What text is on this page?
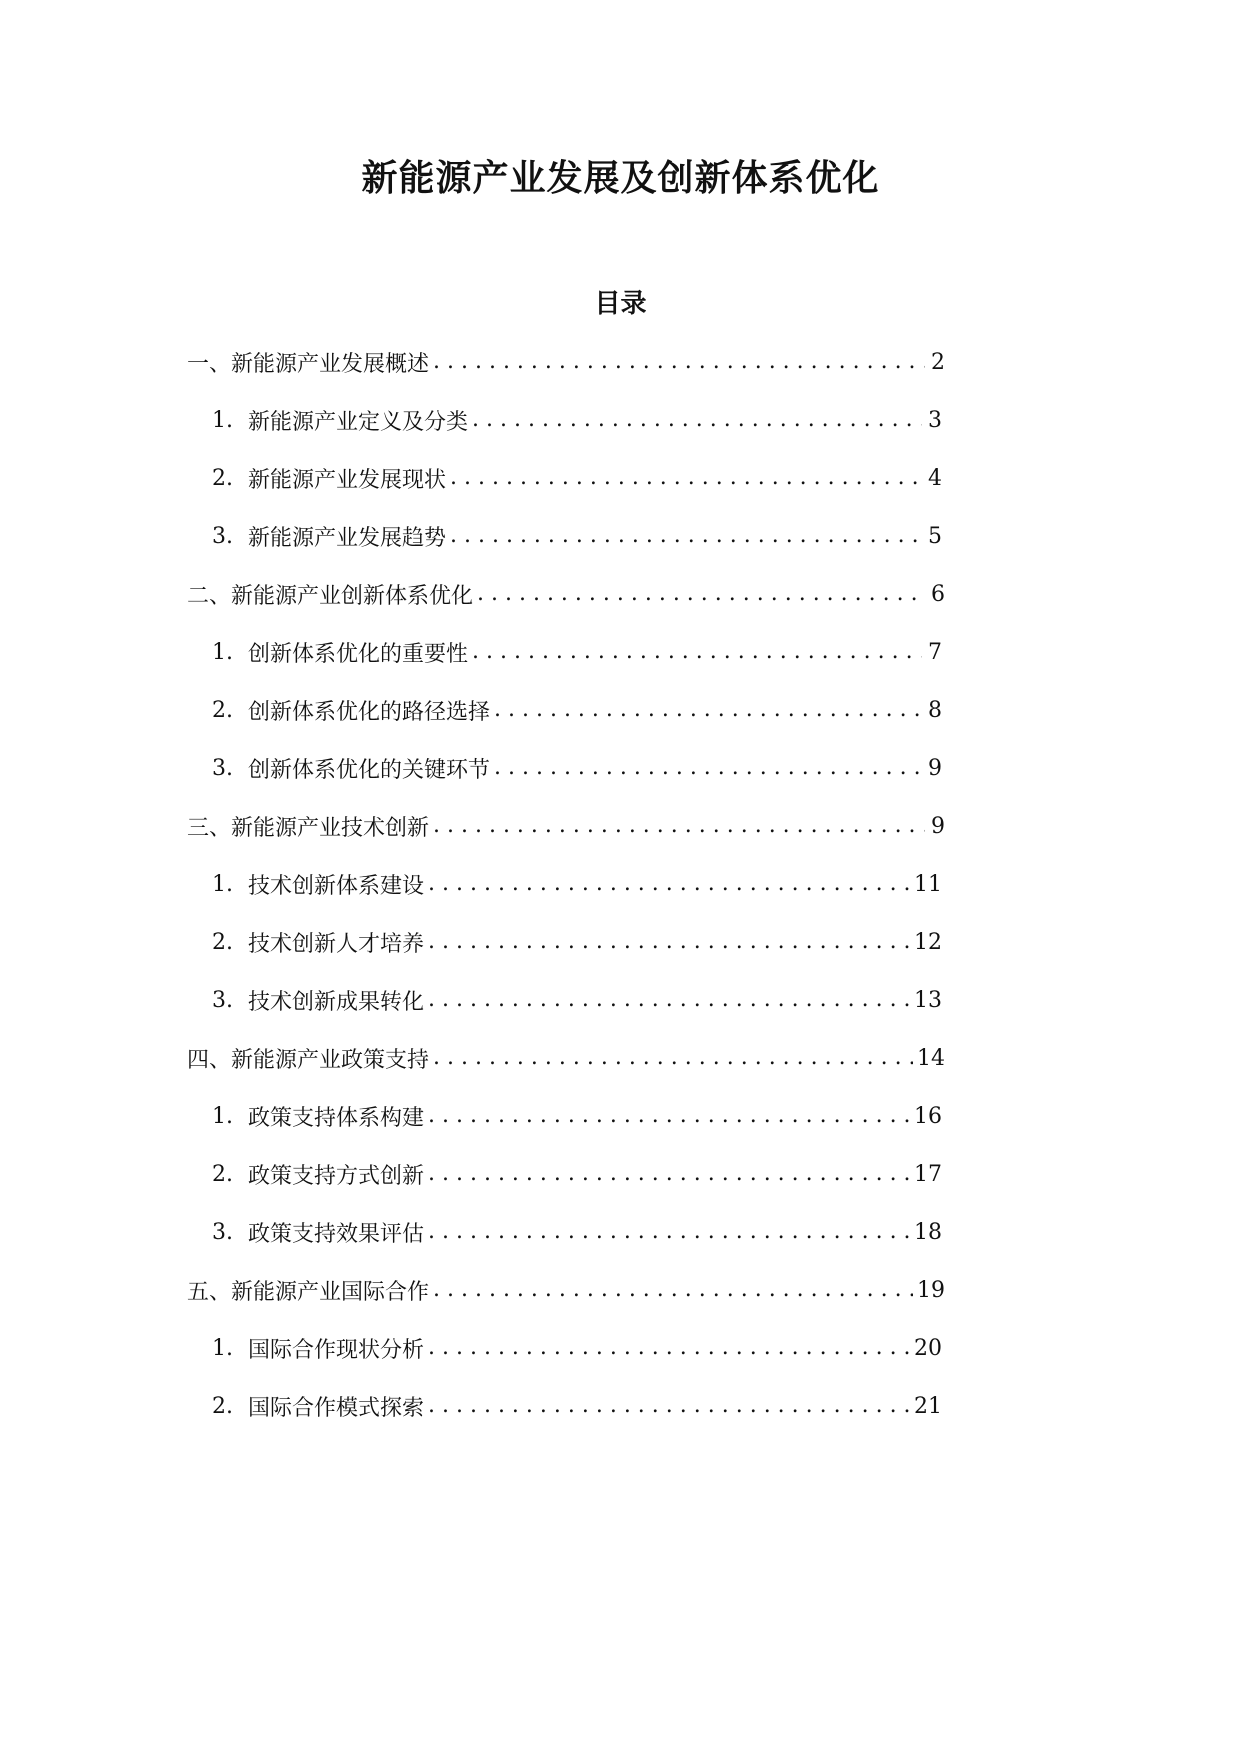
新能源产业发展及创新体系优化
目录
一、新能源产业发展概述 . . .	2
1. 新能源产业定义及分类 . . .	3
2. 新能源产业发展现状 . . .	4
3. 新能源产业发展趋势 . . .	5
二、新能源产业创新体系优化 . . .	6
1. 创新体系优化的重要性 . . .	7
2. 创新体系优化的路径选择 . . .	8
3. 创新体系优化的关键环节 . . .	9
三、新能源产业技术创新 . . .	9
1. 技术创新体系建设 . . .	11
2. 技术创新人才培养 . . .	12
3. 技术创新成果转化 . . .	13
四、新能源产业政策支持 . . .	14
1. 政策支持体系构建 . . .	16
2. 政策支持方式创新 . . .	17
3. 政策支持效果评估 . . .	18
五、新能源产业国际合作 . . .	19
1. 国际合作现状分析 . . .	20
2. 国际合作模式探索 . . .	21
